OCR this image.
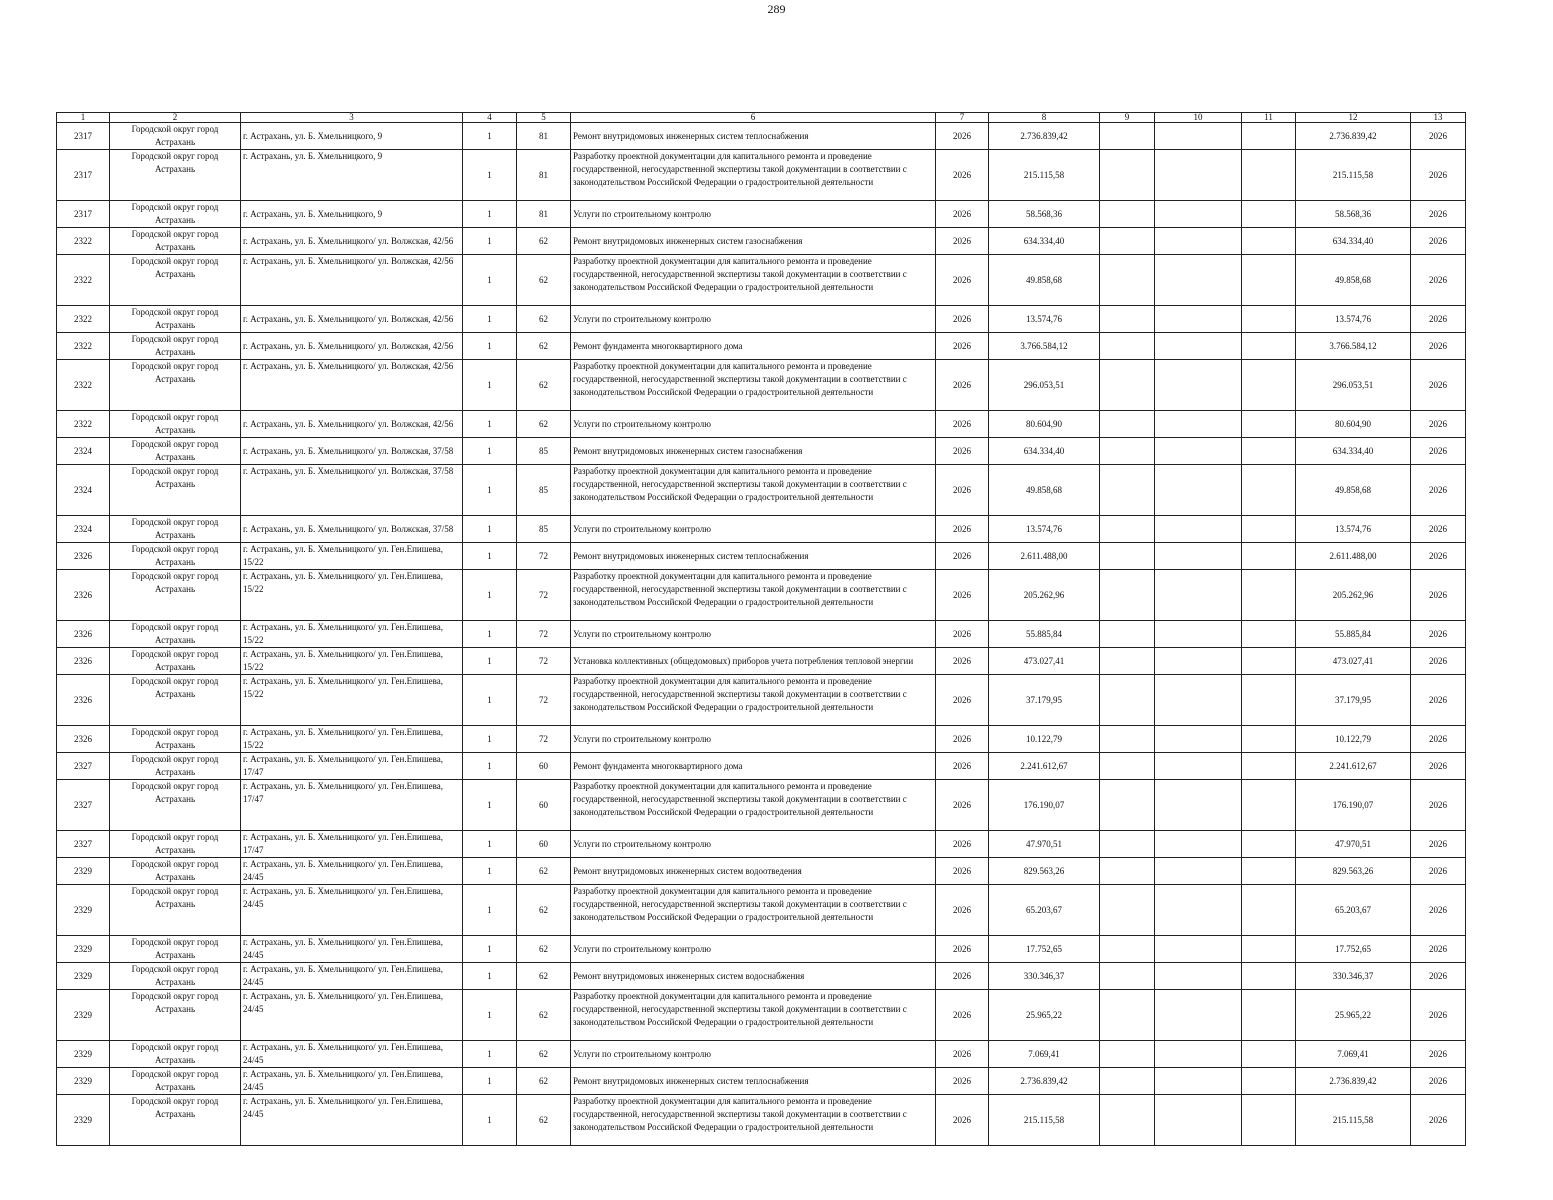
289
1	2	3	4	5	6	7	8	9	10	11	12	13
2317	Городской округ город Астрахань	г. Астрахань, ул. Б. Хмельницкого, 9	1	81	Ремонт внутридомовых инженерных систем теплоснабжения	2026	2.736.839,42				2.736.839,42	2026
2317	Городской округ город Астрахань	г. Астрахань, ул. Б. Хмельницкого, 9	1	81	Разработку проектной документации для капитального ремонта и проведение государственной, негосударственной экспертизы такой документации в соответствии с законодательством Российской Федерации о градостроительной деятельности	2026	215.115,58				215.115,58	2026
2317	Городской округ город Астрахань	г. Астрахань, ул. Б. Хмельницкого, 9	1	81	Услуги по строительному контролю	2026	58.568,36				58.568,36	2026
2322	Городской округ город Астрахань	г. Астрахань, ул. Б. Хмельницкого/ ул. Волжская, 42/56	1	62	Ремонт внутридомовых инженерных систем газоснабжения	2026	634.334,40				634.334,40	2026
2322	Городской округ город Астрахань	г. Астрахань, ул. Б. Хмельницкого/ ул. Волжская, 42/56	1	62	Разработку проектной документации для капитального ремонта и проведение государственной, негосударственной экспертизы такой документации в соответствии с законодательством Российской Федерации о градостроительной деятельности	2026	49.858,68				49.858,68	2026
2322	Городской округ город Астрахань	г. Астрахань, ул. Б. Хмельницкого/ ул. Волжская, 42/56	1	62	Услуги по строительному контролю	2026	13.574,76				13.574,76	2026
2322	Городской округ город Астрахань	г. Астрахань, ул. Б. Хмельницкого/ ул. Волжская, 42/56	1	62	Ремонт фундамента многоквартирного дома	2026	3.766.584,12				3.766.584,12	2026
2322	Городской округ город Астрахань	г. Астрахань, ул. Б. Хмельницкого/ ул. Волжская, 42/56	1	62	Разработку проектной документации для капитального ремонта и проведение государственной, негосударственной экспертизы такой документации в соответствии с законодательством Российской Федерации о градостроительной деятельности	2026	296.053,51				296.053,51	2026
2322	Городской округ город Астрахань	г. Астрахань, ул. Б. Хмельницкого/ ул. Волжская, 42/56	1	62	Услуги по строительному контролю	2026	80.604,90				80.604,90	2026
2324	Городской округ город Астрахань	г. Астрахань, ул. Б. Хмельницкого/ ул. Волжская, 37/58	1	85	Ремонт внутридомовых инженерных систем газоснабжения	2026	634.334,40				634.334,40	2026
2324	Городской округ город Астрахань	г. Астрахань, ул. Б. Хмельницкого/ ул. Волжская, 37/58	1	85	Разработку проектной документации для капитального ремонта и проведение государственной, негосударственной экспертизы такой документации в соответствии с законодательством Российской Федерации о градостроительной деятельности	2026	49.858,68				49.858,68	2026
2324	Городской округ город Астрахань	г. Астрахань, ул. Б. Хмельницкого/ ул. Волжская, 37/58	1	85	Услуги по строительному контролю	2026	13.574,76				13.574,76	2026
2326	Городской округ город Астрахань	г. Астрахань, ул. Б. Хмельницкого/ ул. Ген.Епишева, 15/22	1	72	Ремонт внутридомовых инженерных систем теплоснабжения	2026	2.611.488,00				2.611.488,00	2026
2326	Городской округ город Астрахань	г. Астрахань, ул. Б. Хмельницкого/ ул. Ген.Епишева, 15/22	1	72	Разработку проектной документации для капитального ремонта и проведение государственной, негосударственной экспертизы такой документации в соответствии с законодательством Российской Федерации о градостроительной деятельности	2026	205.262,96				205.262,96	2026
2326	Городской округ город Астрахань	г. Астрахань, ул. Б. Хмельницкого/ ул. Ген.Епишева, 15/22	1	72	Услуги по строительному контролю	2026	55.885,84				55.885,84	2026
2326	Городской округ город Астрахань	г. Астрахань, ул. Б. Хмельницкого/ ул. Ген.Епишева, 15/22	1	72	Установка коллективных (общедомовых) приборов учета потребления тепловой энергии	2026	473.027,41				473.027,41	2026
2326	Городской округ город Астрахань	г. Астрахань, ул. Б. Хмельницкого/ ул. Ген.Епишева, 15/22	1	72	Разработку проектной документации для капитального ремонта и проведение государственной, негосударственной экспертизы такой документации в соответствии с законодательством Российской Федерации о градостроительной деятельности	2026	37.179,95				37.179,95	2026
2326	Городской округ город Астрахань	г. Астрахань, ул. Б. Хмельницкого/ ул. Ген.Епишева, 15/22	1	72	Услуги по строительному контролю	2026	10.122,79				10.122,79	2026
2327	Городской округ город Астрахань	г. Астрахань, ул. Б. Хмельницкого/ ул. Ген.Епишева, 17/47	1	60	Ремонт фундамента многоквартирного дома	2026	2.241.612,67				2.241.612,67	2026
2327	Городской округ город Астрахань	г. Астрахань, ул. Б. Хмельницкого/ ул. Ген.Епишева, 17/47	1	60	Разработку проектной документации для капитального ремонта и проведение государственной, негосударственной экспертизы такой документации в соответствии с законодательством Российской Федерации о градостроительной деятельности	2026	176.190,07				176.190,07	2026
2327	Городской округ город Астрахань	г. Астрахань, ул. Б. Хмельницкого/ ул. Ген.Епишева, 17/47	1	60	Услуги по строительному контролю	2026	47.970,51				47.970,51	2026
2329	Городской округ город Астрахань	г. Астрахань, ул. Б. Хмельницкого/ ул. Ген.Епишева, 24/45	1	62	Ремонт внутридомовых инженерных систем водоотведения	2026	829.563,26				829.563,26	2026
2329	Городской округ город Астрахань	г. Астрахань, ул. Б. Хмельницкого/ ул. Ген.Епишева, 24/45	1	62	Разработку проектной документации для капитального ремонта и проведение государственной, негосударственной экспертизы такой документации в соответствии с законодательством Российской Федерации о градостроительной деятельности	2026	65.203,67				65.203,67	2026
2329	Городской округ город Астрахань	г. Астрахань, ул. Б. Хмельницкого/ ул. Ген.Епишева, 24/45	1	62	Услуги по строительному контролю	2026	17.752,65				17.752,65	2026
2329	Городской округ город Астрахань	г. Астрахань, ул. Б. Хмельницкого/ ул. Ген.Епишева, 24/45	1	62	Ремонт внутридомовых инженерных систем водоснабжения	2026	330.346,37				330.346,37	2026
2329	Городской округ город Астрахань	г. Астрахань, ул. Б. Хмельницкого/ ул. Ген.Епишева, 24/45	1	62	Разработку проектной документации для капитального ремонта и проведение государственной, негосударственной экспертизы такой документации в соответствии с законодательством Российской Федерации о градостроительной деятельности	2026	25.965,22				25.965,22	2026
2329	Городской округ город Астрахань	г. Астрахань, ул. Б. Хмельницкого/ ул. Ген.Епишева, 24/45	1	62	Услуги по строительному контролю	2026	7.069,41				7.069,41	2026
2329	Городской округ город Астрахань	г. Астрахань, ул. Б. Хмельницкого/ ул. Ген.Епишева, 24/45	1	62	Ремонт внутридомовых инженерных систем теплоснабжения	2026	2.736.839,42				2.736.839,42	2026
2329	Городской округ город Астрахань	г. Астрахань, ул. Б. Хмельницкого/ ул. Ген.Епишева, 24/45	1	62	Разработку проектной документации для капитального ремонта и проведение государственной, негосударственной экспертизы такой документации в соответствии с законодательством Российской Федерации о градостроительной деятельности	2026	215.115,58				215.115,58	2026
